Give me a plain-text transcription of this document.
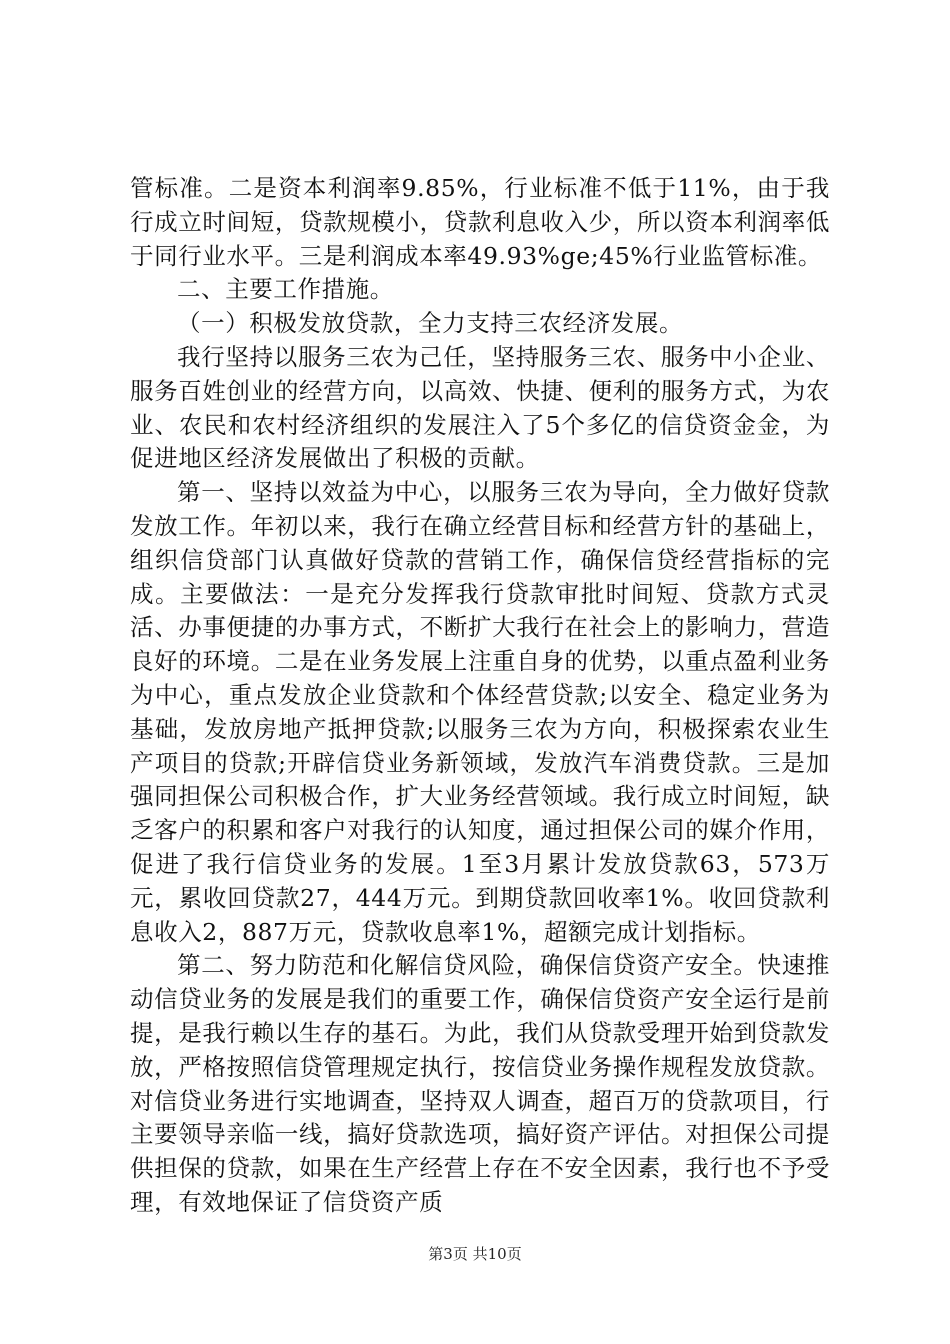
管标准。二是资本利润率9.85%，行业标准不低于11%，由于我行成立时间短，贷款规模小，贷款利息收入少，所以资本利润率低于同行业水平。三是利润成本率49.93%ge;45%行业监管标准。

二、主要工作措施。

（一）积极发放贷款，全力支持三农经济发展。

我行坚持以服务三农为己任，坚持服务三农、服务中小企业、服务百姓创业的经营方向，以高效、快捷、便利的服务方式，为农业、农民和农村经济组织的发展注入了5个多亿的信贷资金金，为促进地区经济发展做出了积极的贡献。

第一、坚持以效益为中心，以服务三农为导向，全力做好贷款发放工作。年初以来，我行在确立经营目标和经营方针的基础上，组织信贷部门认真做好贷款的营销工作，确保信贷经营指标的完成。主要做法：一是充分发挥我行贷款审批时间短、贷款方式灵活、办事便捷的办事方式，不断扩大我行在社会上的影响力，营造良好的环境。二是在业务发展上注重自身的优势，以重点盈利业务为中心，重点发放企业贷款和个体经营贷款;以安全、稳定业务为基础，发放房地产抵押贷款;以服务三农为方向，积极探索农业生产项目的贷款;开辟信贷业务新领域，发放汽车消费贷款。三是加强同担保公司积极合作，扩大业务经营领域。我行成立时间短，缺乏客户的积累和客户对我行的认知度，通过担保公司的媒介作用，促进了我行信贷业务的发展。1至3月累计发放贷款63，573万元，累收回贷款27，444万元。到期贷款回收率1%。收回贷款利息收入2，887万元，贷款收息率1%，超额完成计划指标。

第二、努力防范和化解信贷风险，确保信贷资产安全。快速推动信贷业务的发展是我们的重要工作，确保信贷资产安全运行是前提，是我行赖以生存的基石。为此，我们从贷款受理开始到贷款发放，严格按照信贷管理规定执行，按信贷业务操作规程发放贷款。对信贷业务进行实地调查，坚持双人调查，超百万的贷款项目，行主要领导亲临一线，搞好贷款选项，搞好资产评估。对担保公司提供担保的贷款，如果在生产经营上存在不安全因素，我行也不予受理，有效地保证了信贷资产质

第3页 共10页
